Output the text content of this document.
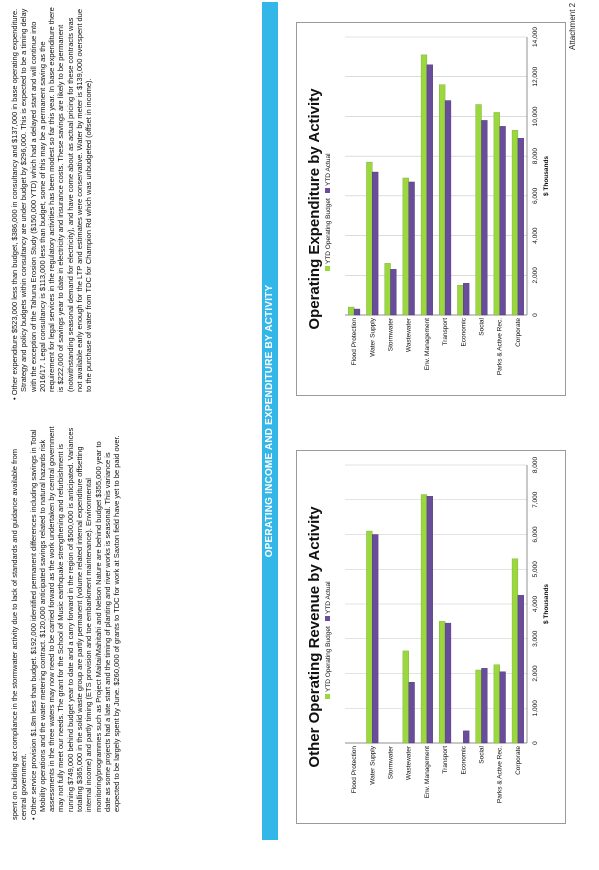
Attachment 2

spent on building act compliance in the stormwater activity due to lack of standards and guidance available from central government. • Other service provision $1.8m less than budget. $192,000 identified permanent differences including savings in Total Mobility operations and the water metering contract. $120,000 anticipated savings related to natural hazards risk assessments in the three waters may now need to be carried forward as the work undertaken by central government may not fully meet our needs. The grant for the School of Music earthquake strengthening and refurbishment is running $749,000 behind budget year to date and a carry forward in the region of $500,000 is anticipated. Variances totalling $365,000 in the solid waste group are partly permanent (volume related internal expenditure offsetting internal income) and partly timing (ETS provision and toe embankment maintenance). Environmental monitoring/programmes such as Project Maitai/Mahitahi and Nelson Nature are behind budget $355,000 year to date as some projects had a late start and the timing of planting and river works is seasonal. This variance is expected to be largely spent by June. $260,000 of grants to TDC for work at Saxton field have yet to be paid over.

• Other expenditure $523,000 less than budget, $386,000 in consultancy and $137,000 in base operating expenditure. Strategy and policy budgets within consultancy are under budget by $296,000. This is expected to be a timing delay with the exception of the Tahuna Erosion Study ($150,000 YTD) which had a delayed start and will continue into 2016/17. Legal consultancy is $113,000 less than budget, some of this may be a permanent saving as the requirement for legal services in the regulatory activities has been modest so far this year. In base expenditure there is $222,000 of savings year to date in electricity and insurance costs. These savings are likely to be permanent (notwithstanding seasonal demand for electricity), and have come about as actual pricing for these contracts was not available early enough for the LTP and estimates were conservative. Water by meter is $139,000 overspent due to the purchase of water from TDC for Champion Rd which was unbudgeted (offset in income).

OPERATING INCOME AND EXPENDITURE BY ACTIVITY
Other Operating Revenue by Activity YTD Operating Budget
YTD Actual
0
1,000
2,000
3,000
4,000
5,000
6,000
7,000
8,000
$ Thousands
Flood Protection Water Supply Stormwater Wastewater Env. Management Transport Economic Social Parks & Active Rec. Corporate
Operating Expenditure by Activity YTD Operating Budget
YTD Actual
0
2,000
4,000
6,000
8,000
10,000
12,000
14,000
$ Thousands
Flood Protection Water Supply Stormwater Wastewater Env. Management Transport Economic Social Parks & Active Rec. Corporate
